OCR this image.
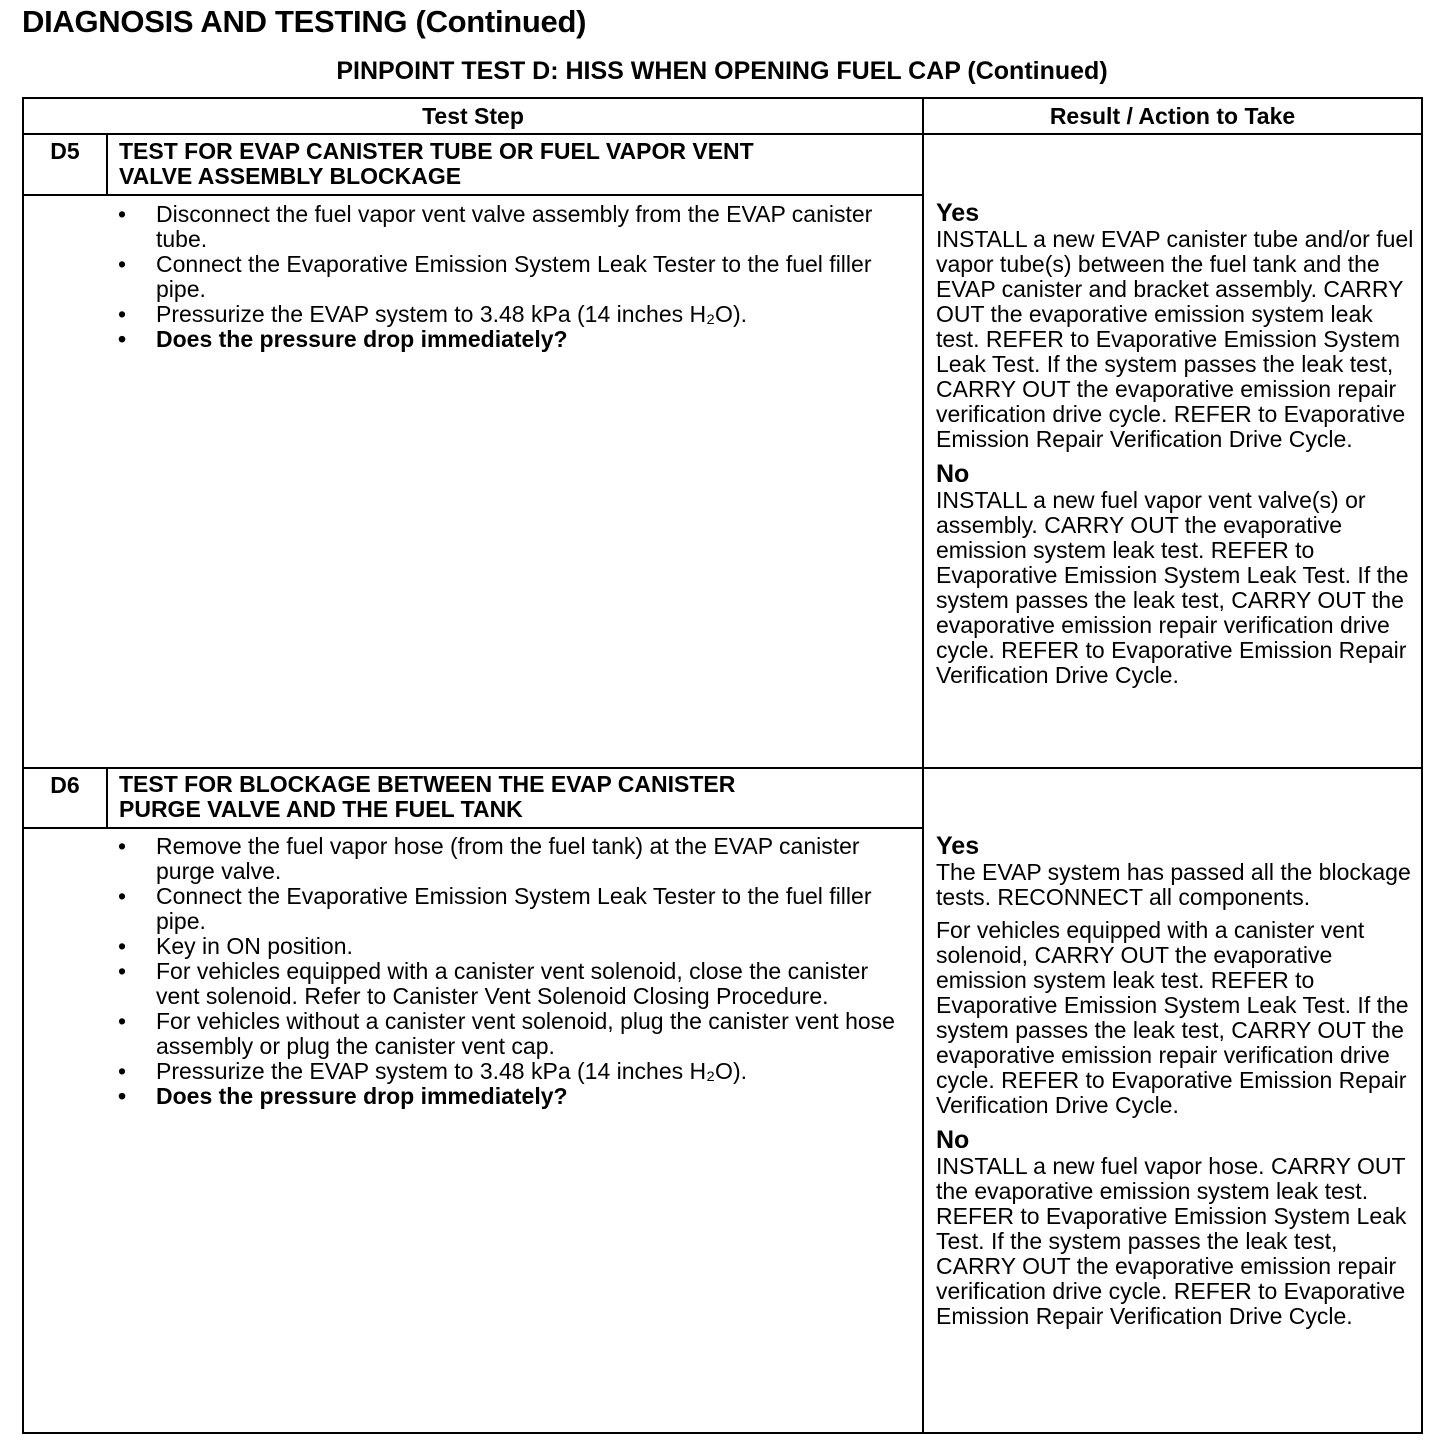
DIAGNOSIS AND TESTING (Continued)
PINPOINT TEST D: HISS WHEN OPENING FUEL CAP (Continued)
Test Step	Result / Action to Take
D5	TEST FOR EVAP CANISTER TUBE OR FUEL VAPOR VENT
VALVE ASSEMBLY BLOCKAGE
• Disconnect the fuel vapor vent valve assembly from the EVAP canister tube.
• Connect the Evaporative Emission System Leak Tester to the fuel filler pipe.
• Pressurize the EVAP system to 3.48 kPa (14 inches H₂O).
• Does the pressure drop immediately?
Yes

INSTALL a new EVAP canister tube and/or fuel vapor tube(s) between the fuel tank and the EVAP canister and bracket assembly. CARRY OUT the evaporative emission system leak test. REFER to Evaporative Emission System Leak Test. If the system passes the leak test, CARRY OUT the evaporative emission repair verification drive cycle. REFER to Evaporative Emission Repair Verification Drive Cycle.

No

INSTALL a new fuel vapor vent valve(s) or assembly. CARRY OUT the evaporative emission system leak test. REFER to Evaporative Emission System Leak Test. If the system passes the leak test, CARRY OUT the evaporative emission repair verification drive cycle. REFER to Evaporative Emission Repair Verification Drive Cycle.

D6	TEST FOR BLOCKAGE BETWEEN THE EVAP CANISTER
PURGE VALVE AND THE FUEL TANK
• Remove the fuel vapor hose (from the fuel tank) at the EVAP canister purge valve.
• Connect the Evaporative Emission System Leak Tester to the fuel filler pipe.
• Key in ON position.
• For vehicles equipped with a canister vent solenoid, close the canister vent solenoid. Refer to Canister Vent Solenoid Closing Procedure.
• For vehicles without a canister vent solenoid, plug the canister vent hose assembly or plug the canister vent cap.
• Pressurize the EVAP system to 3.48 kPa (14 inches H₂O).
• Does the pressure drop immediately?
Yes

The EVAP system has passed all the blockage tests. RECONNECT all components.

For vehicles equipped with a canister vent solenoid, CARRY OUT the evaporative emission system leak test. REFER to Evaporative Emission System Leak Test. If the system passes the leak test, CARRY OUT the evaporative emission repair verification drive cycle. REFER to Evaporative Emission Repair Verification Drive Cycle.

No

INSTALL a new fuel vapor hose. CARRY OUT the evaporative emission system leak test. REFER to Evaporative Emission System Leak Test. If the system passes the leak test, CARRY OUT the evaporative emission repair verification drive cycle. REFER to Evaporative Emission Repair Verification Drive Cycle.
